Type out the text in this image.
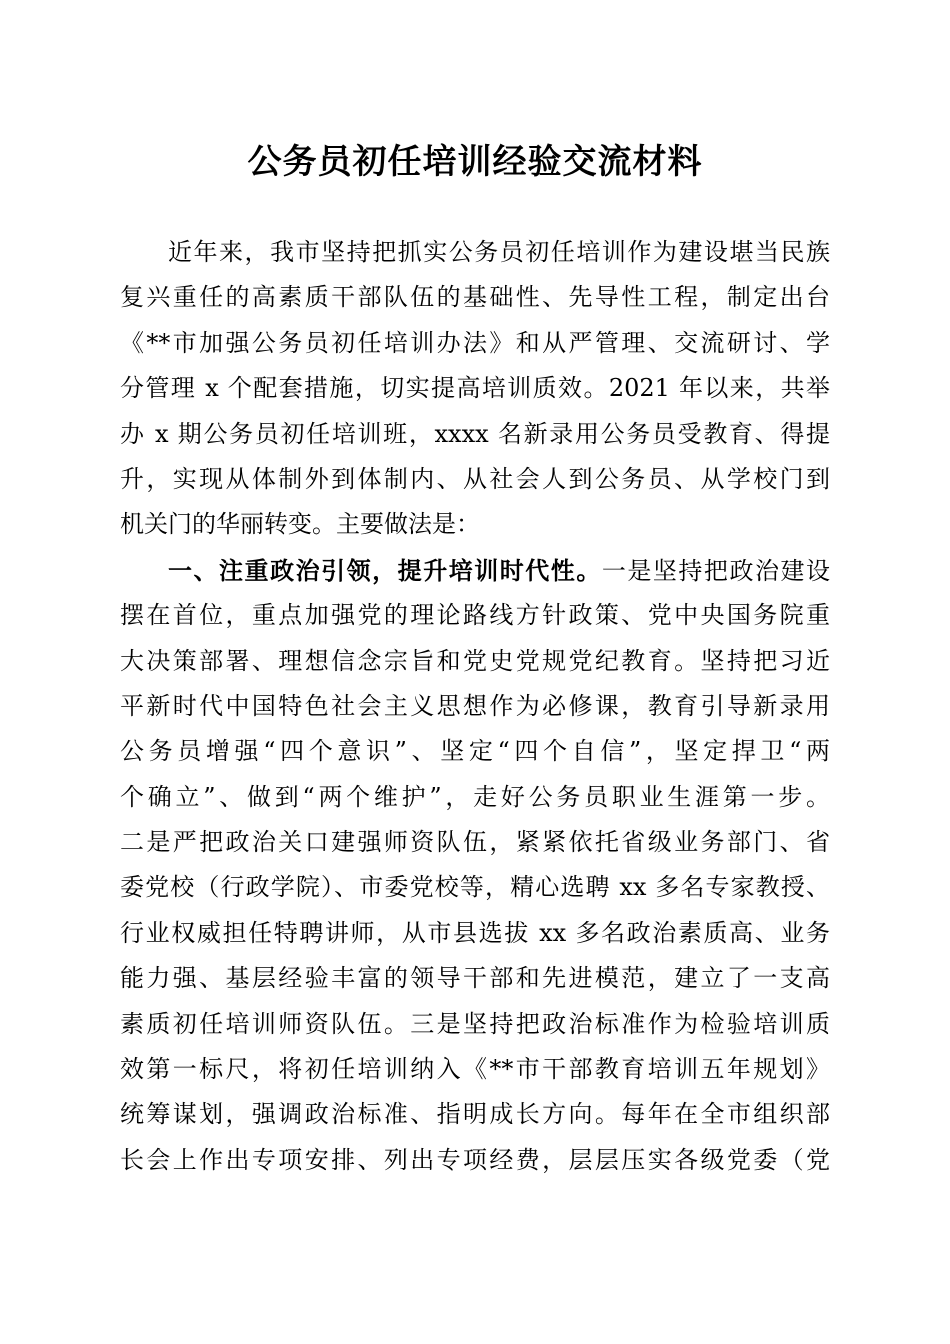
公务员初任培训经验交流材料
近年来，我市坚持把抓实公务员初任培训作为建设堪当民族
复兴重任的高素质干部队伍的基础性、先导性工程，制定出台
《**市加强公务员初任培训办法》和从严管理、交流研讨、学
分管理 x 个配套措施，切实提高培训质效。2021 年以来，共举
办 x 期公务员初任培训班，xxxx 名新录用公务员受教育、得提
升，实现从体制外到体制内、从社会人到公务员、从学校门到
机关门的华丽转变。主要做法是：
一、注重政治引领，提升培训时代性。一是坚持把政治建设
摆在首位，重点加强党的理论路线方针政策、党中央国务院重
大决策部署、理想信念宗旨和党史党规党纪教育。坚持把习近
平新时代中国特色社会主义思想作为必修课，教育引导新录用
公务员增强“四个意识”、坚定“四个自信”，坚定捍卫“两
个确立”、做到“两个维护”，走好公务员职业生涯第一步。
二是严把政治关口建强师资队伍，紧紧依托省级业务部门、省
委党校（行政学院）、市委党校等，精心选聘 xx 多名专家教授、
行业权威担任特聘讲师，从市县选拔 xx 多名政治素质高、业务
能力强、基层经验丰富的领导干部和先进模范，建立了一支高
素质初任培训师资队伍。三是坚持把政治标准作为检验培训质
效第一标尺，将初任培训纳入《**市干部教育培训五年规划》
统筹谋划，强调政治标准、指明成长方向。每年在全市组织部
长会上作出专项安排、列出专项经费，层层压实各级党委（党
